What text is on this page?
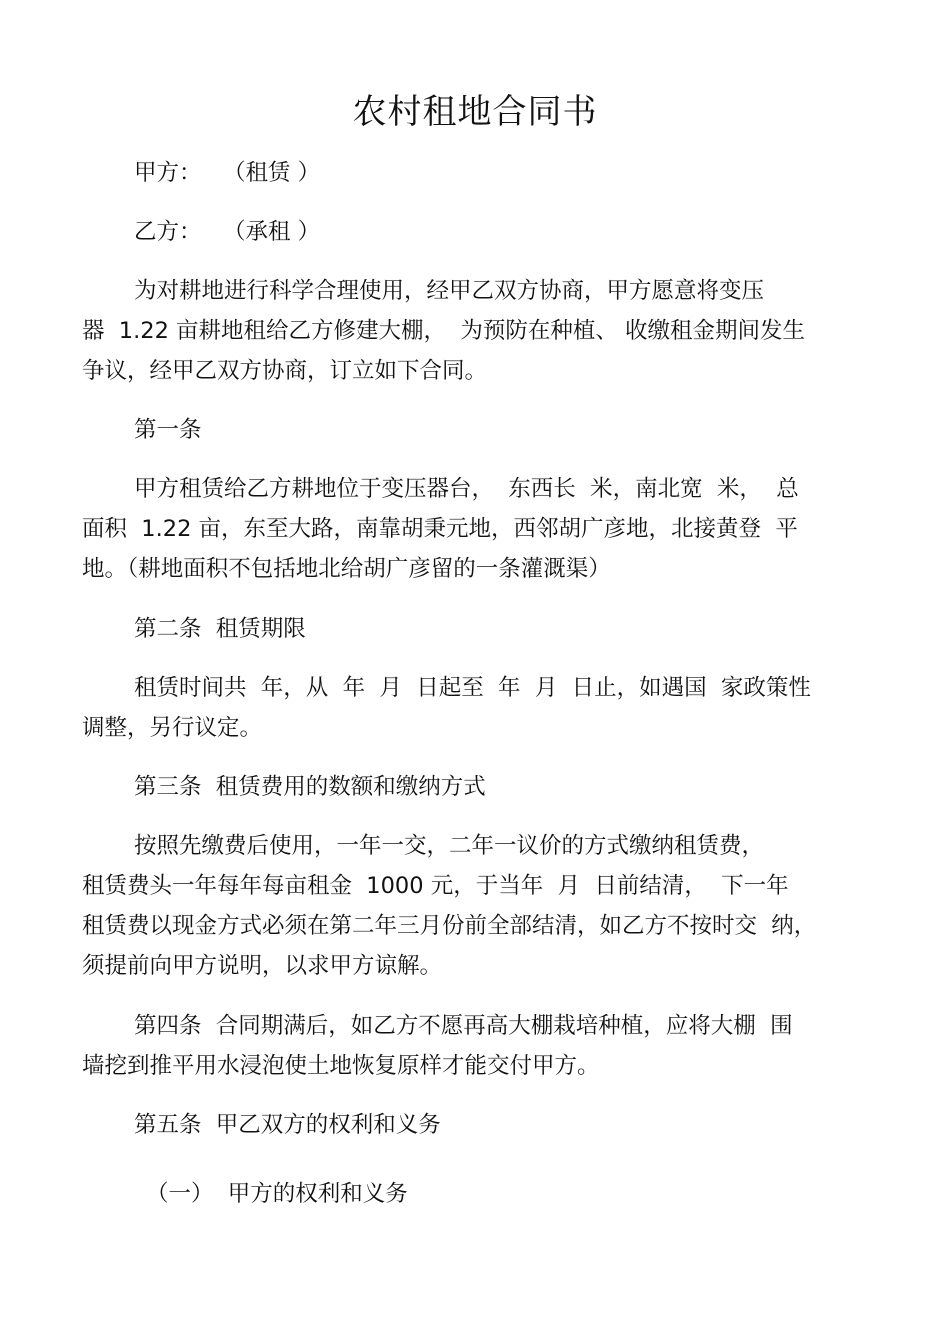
农村租地合同书
甲方：   （租赁 ）
乙方：   （承租 ）
为对耕地进行科学合理使用，经甲乙双方协商，甲方愿意将变压
器  1.22 亩耕地租给乙方修建大棚，  为预防在种植、 收缴租金期间发生
争议，经甲乙双方协商，订立如下合同。
第一条
甲方租赁给乙方耕地位于变压器台，  东西长  米，南北宽  米，  总
面积  1.22 亩，东至大路，南靠胡秉元地，西邻胡广彦地，北接黄登  平
地。（耕地面积不包括地北给胡广彦留的一条灌溉渠）
第二条  租赁期限
租赁时间共  年，从  年  月  日起至  年  月  日止，如遇国  家政策性
调整，另行议定。
第三条  租赁费用的数额和缴纳方式
按照先缴费后使用，一年一交，二年一议价的方式缴纳租赁费，
租赁费头一年每年每亩租金  1000 元，于当年  月  日前结清，  下一年
租赁费以现金方式必须在第二年三月份前全部结清，如乙方不按时交  纳，
须提前向甲方说明，以求甲方谅解。
第四条  合同期满后，如乙方不愿再高大棚栽培种植，应将大棚  围
墙挖到推平用水浸泡使土地恢复原样才能交付甲方。
第五条  甲乙双方的权利和义务
（一）  甲方的权利和义务
